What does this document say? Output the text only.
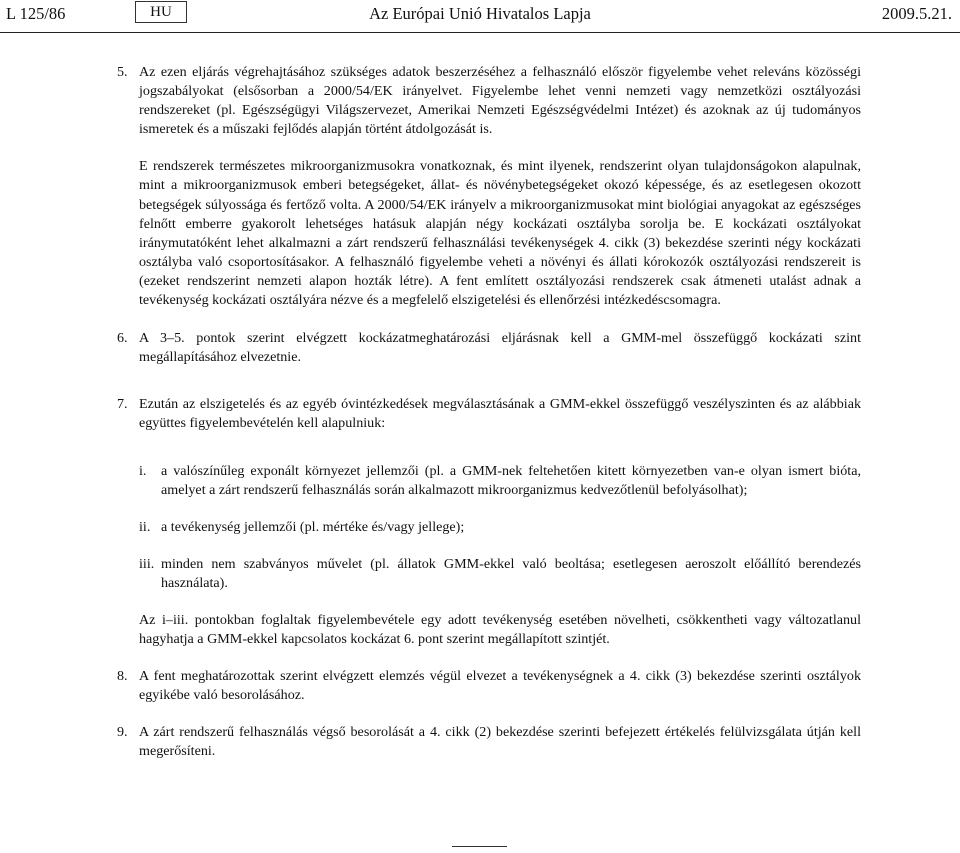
L 125/86	HU	Az Európai Unió Hivatalos Lapja	2009.5.21.
5. Az ezen eljárás végrehajtásához szükséges adatok beszerzéséhez a felhasználó először figyelembe vehet releváns közösségi jogszabályokat (elsősorban a 2000/54/EK irányelvet. Figyelembe lehet venni nemzeti vagy nemzetközi osztályozási rendszereket (pl. Egészségügyi Világszervezet, Amerikai Nemzeti Egészségvédelmi Intézet) és azoknak az új tudományos ismeretek és a műszaki fejlődés alapján történt átdolgozását is.
E rendszerek természetes mikroorganizmusokra vonatkoznak, és mint ilyenek, rendszerint olyan tulajdonságokon alapulnak, mint a mikroorganizmusok emberi betegségeket, állat- és növénybetegségeket okozó képessége, és az esetlegesen okozott betegségek súlyossága és fertőző volta. A 2000/54/EK irányelv a mikroorganizmusokat mint biológiai anyagokat az egészséges felnőtt emberre gyakorolt lehetséges hatásuk alapján négy kockázati osztályba sorolja be. E kockázati osztályokat iránymutatóként lehet alkalmazni a zárt rendszerű felhasználási tevékenységek 4. cikk (3) bekezdése szerinti négy kockázati osztályba való csoportosításakor. A felhasználó figyelembe veheti a növényi és állati kórokozók osztályozási rendszereit is (ezeket rendszerint nemzeti alapon hozták létre). A fent említett osztályozási rendszerek csak átmeneti utalást adnak a tevékenység kockázati osztályára nézve és a megfelelő elszigetelési és ellenőrzési intézkedéscsomagra.
6. A 3–5. pontok szerint elvégzett kockázatmeghatározási eljárásnak kell a GMM-mel összefüggő kockázati szint megállapításához elvezetnie.
7. Ezután az elszigetelés és az egyéb óvintézkedések megválasztásának a GMM-ekkel összefüggő veszélyszinten és az alábbiak együttes figyelembevételén kell alapulniuk:
i. a valószínűleg exponált környezet jellemzői (pl. a GMM-nek feltehetően kitett környezetben van-e olyan ismert bióta, amelyet a zárt rendszerű felhasználás során alkalmazott mikroorganizmus kedvezőtlenül befolyásolhat);
ii. a tevékenység jellemzői (pl. mértéke és/vagy jellege);
iii. minden nem szabványos művelet (pl. állatok GMM-ekkel való beoltása; esetlegesen aeroszolt előállító berendezés használata).
Az i–iii. pontokban foglaltak figyelembevétele egy adott tevékenység esetében növelheti, csökkentheti vagy változatlanul hagyhatja a GMM-ekkel kapcsolatos kockázat 6. pont szerint megállapított szintjét.
8. A fent meghatározottak szerint elvégzett elemzés végül elvezet a tevékenységnek a 4. cikk (3) bekezdése szerinti osztályok egyikébe való besorolásához.
9. A zárt rendszerű felhasználás végső besorolását a 4. cikk (2) bekezdése szerinti befejezett értékelés felülvizsgálata útján kell megerősíteni.
